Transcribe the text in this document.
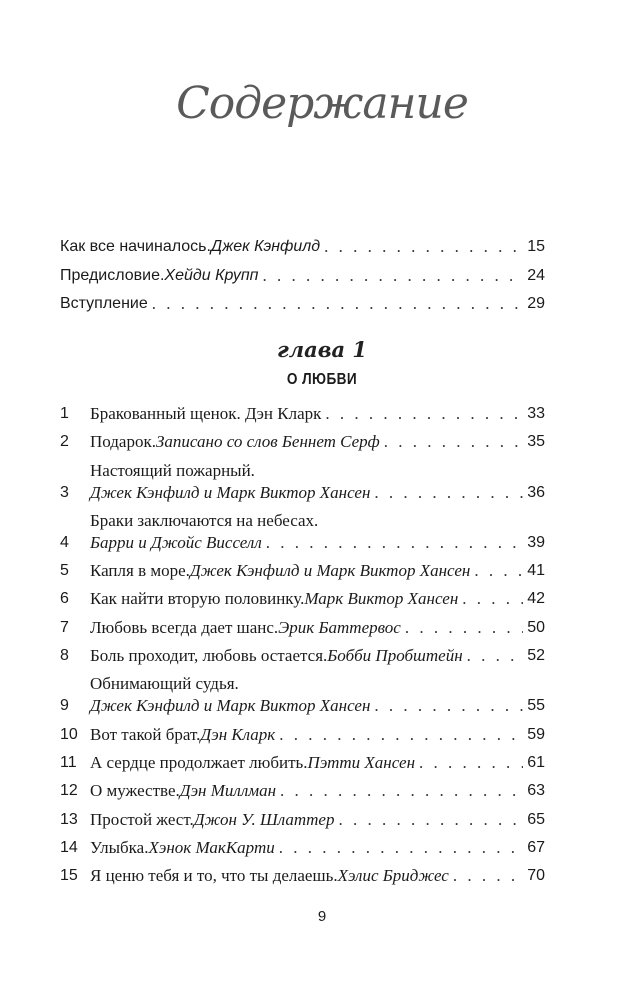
Содержание
Как все начиналось. Джек Кэнфилд . . .	15
Предисловие. Хейди Крупп . . .	24
Вступление . . .	29
глава 1
О ЛЮБВИ
1	Бракованный щенок. Дэн Кларк . . .	33
2	Подарок. Записано со слов Беннет Серф . . .	35
3
Настоящий пожарный.
Джек Кэнфилд и Марк Виктор Хансен . . .	36
4
Браки заключаются на небесах.
Барри и Джойс Висселл . . .	39
5	Капля в море. Джек Кэнфилд и Марк Виктор Хансен . . .	41
6	Как найти вторую половинку. Марк Виктор Хансен . . .	42
7	Любовь всегда дает шанс. Эрик Баттервос . . .	50
8	Боль проходит, любовь остается. Бобби Пробштейн . . .	52
9
Обнимающий судья.
Джек Кэнфилд и Марк Виктор Хансен . . .	55
10 Вот такой брат. Дэн Кларк . . .	59
11 А сердце продолжает любить. Пэтти Хансен . . .	61
12 О мужестве. Дэн Миллман . . .	63
13 Простой жест. Джон У. Шлаттер . . .	65
14 Улыбка. Хэнок МакКарти . . .	67
15 Я ценю тебя и то, что ты делаешь. Хэлис Бриджес . . .	70
9
